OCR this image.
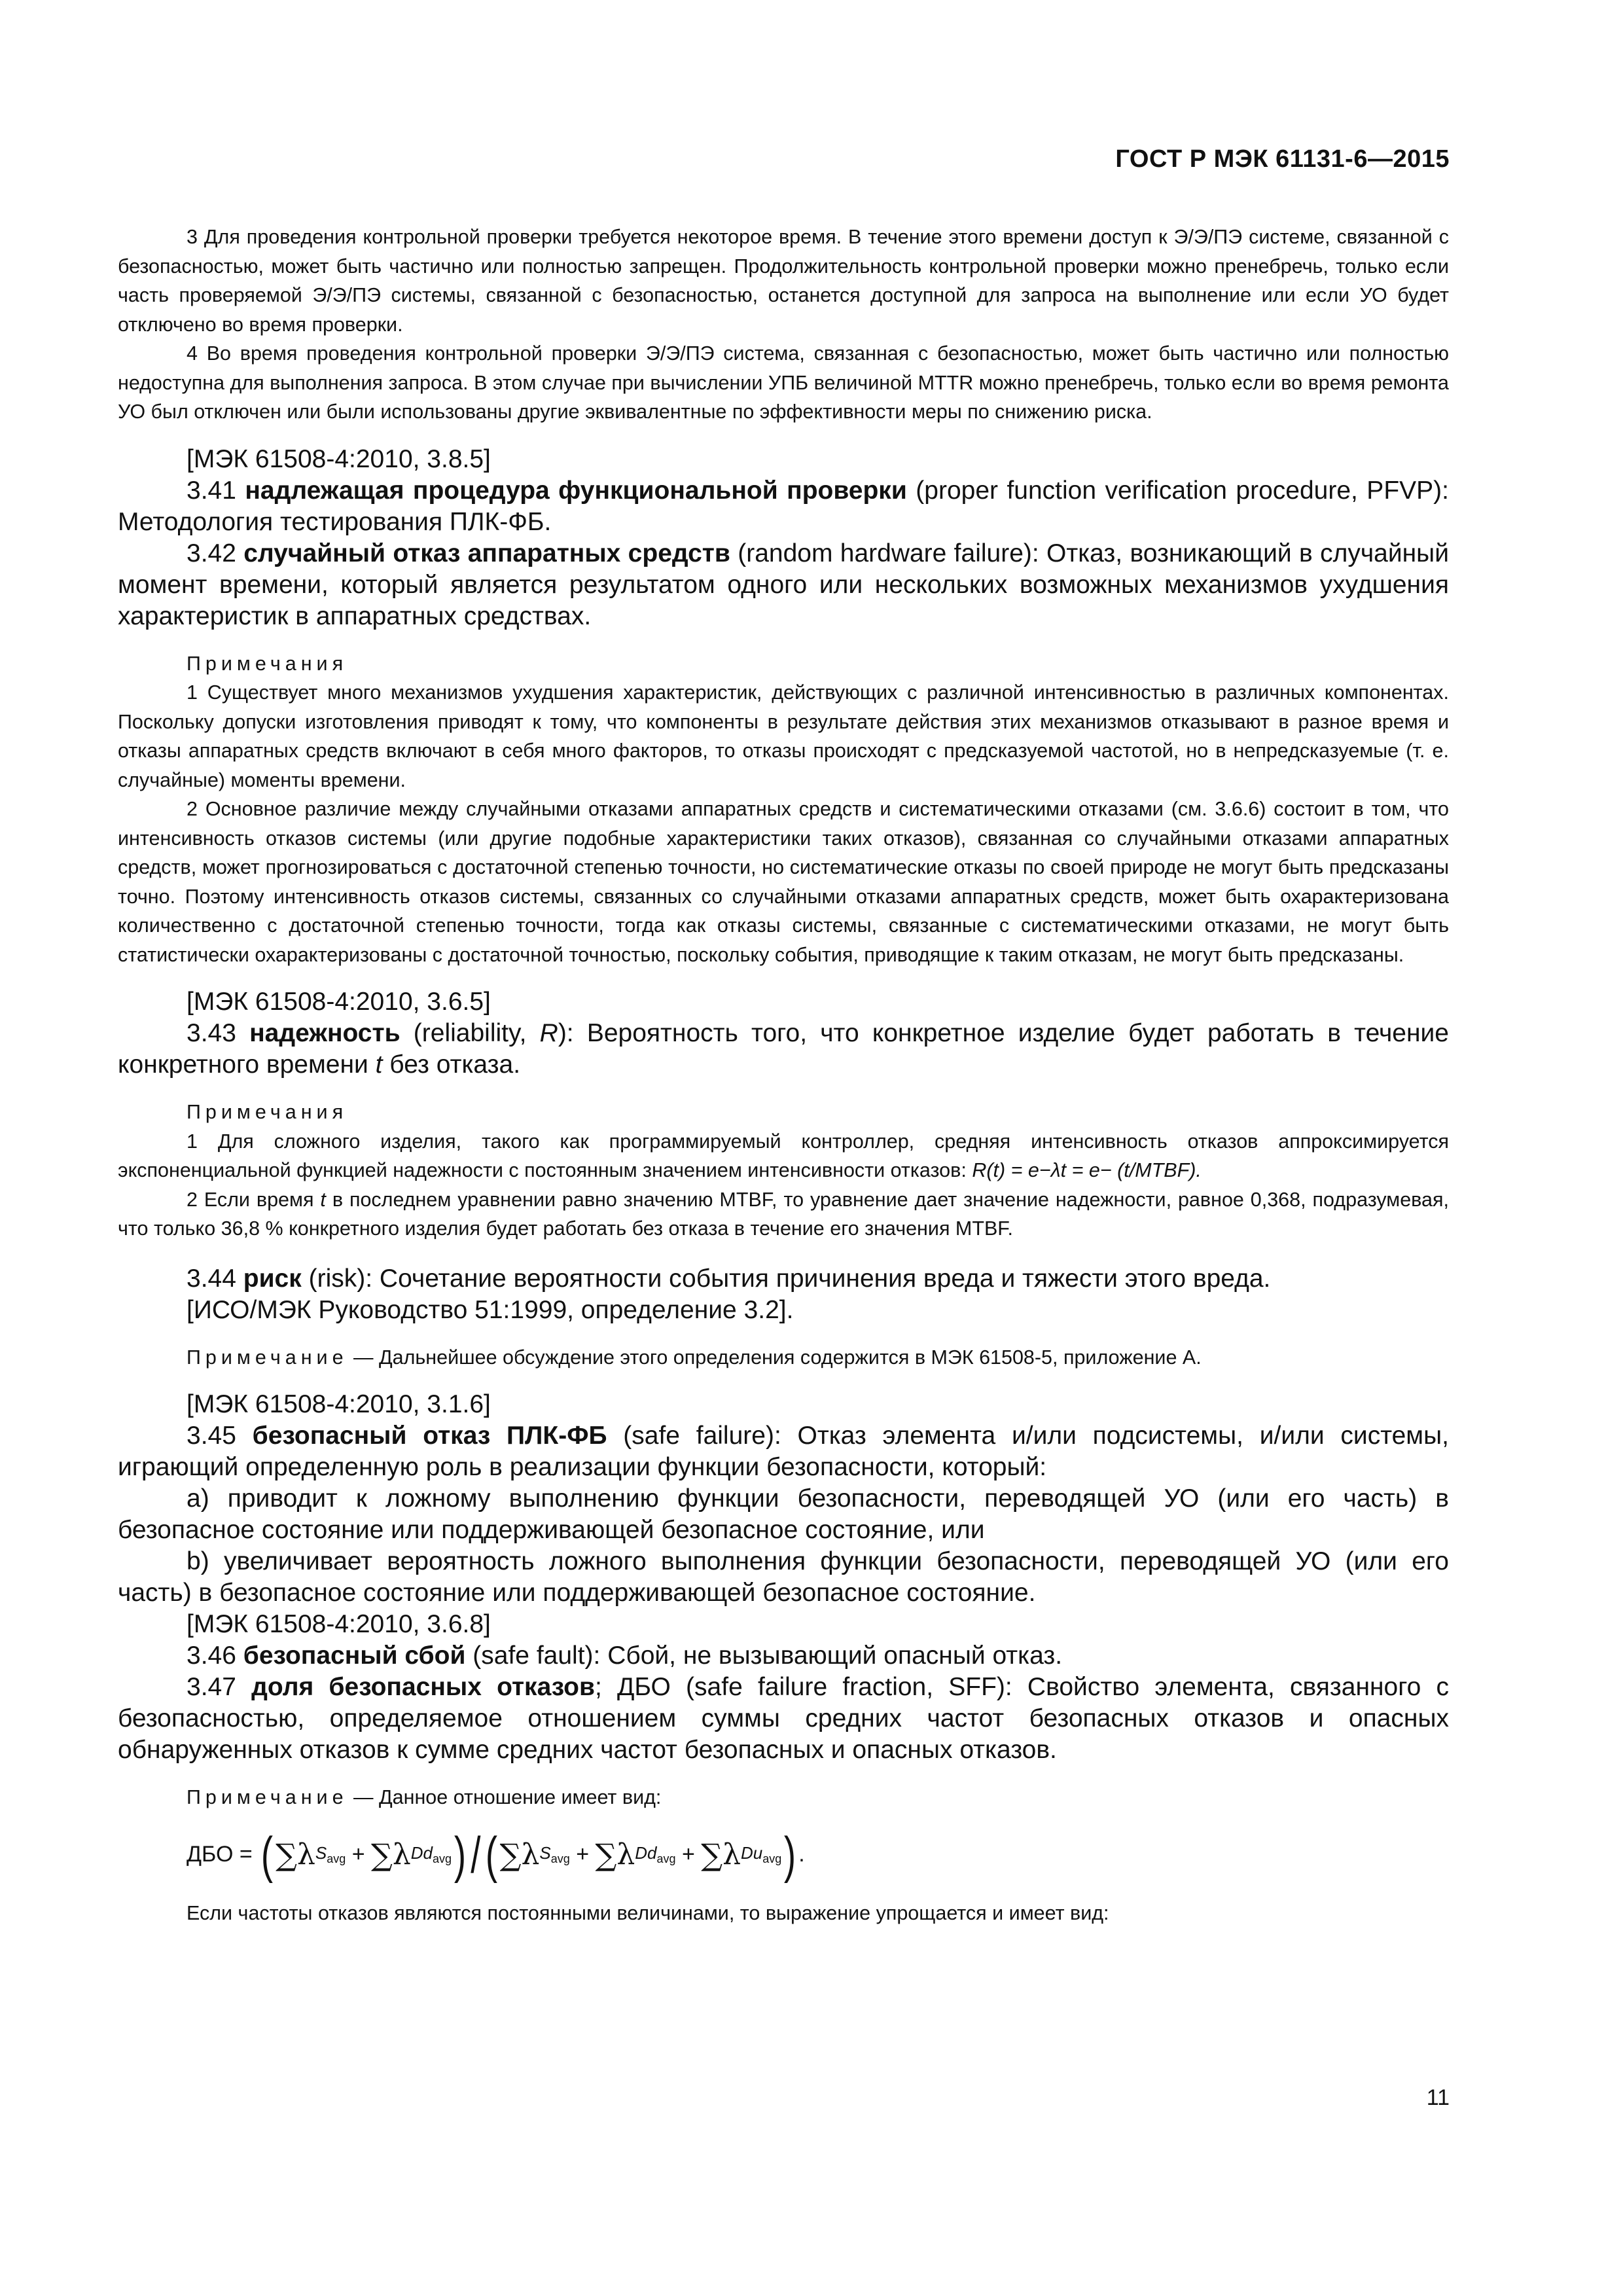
ГОСТ Р МЭК 61131-6—2015

3 Для проведения контрольной проверки требуется некоторое время. В течение этого времени доступ к Э/Э/ПЭ системе, связанной с безопасностью, может быть частично или полностью запрещен. Продолжительность контрольной проверки можно пренебречь, только если часть проверяемой Э/Э/ПЭ системы, связанной с безопасностью, останется доступной для запроса на выполнение или если УО будет отключено во время проверки.

4 Во время проведения контрольной проверки Э/Э/ПЭ система, связанная с безопасностью, может быть частично или полностью недоступна для выполнения запроса. В этом случае при вычислении УПБ величиной MTTR можно пренебречь, только если во время ремонта УО был отключен или были использованы другие эквивалентные по эффективности меры по снижению риска.

[МЭК 61508-4:2010, 3.8.5]

3.41 надлежащая процедура функциональной проверки (proper function verification procedure, PFVP): Методология тестирования ПЛК-ФБ.

3.42 случайный отказ аппаратных средств (random hardware failure): Отказ, возникающий в случайный момент времени, который является результатом одного или нескольких возможных механизмов ухудшения характеристик в аппаратных средствах.

Примечания

1 Существует много механизмов ухудшения характеристик, действующих с различной интенсивностью в различных компонентах. Поскольку допуски изготовления приводят к тому, что компоненты в результате действия этих механизмов отказывают в разное время и отказы аппаратных средств включают в себя много факторов, то отказы происходят с предсказуемой частотой, но в непредсказуемые (т. е. случайные) моменты времени.

2 Основное различие между случайными отказами аппаратных средств и систематическими отказами (см. 3.6.6) состоит в том, что интенсивность отказов системы (или другие подобные характеристики таких отказов), связанная со случайными отказами аппаратных средств, может прогнозироваться с достаточной степенью точности, но систематические отказы по своей природе не могут быть предсказаны точно. Поэтому интенсивность отказов системы, связанных со случайными отказами аппаратных средств, может быть охарактеризована количественно с достаточной степенью точности, тогда как отказы системы, связанные с систематическими отказами, не могут быть статистически охарактеризованы с достаточной точностью, поскольку события, приводящие к таким отказам, не могут быть предсказаны.

[МЭК 61508-4:2010, 3.6.5]

3.43 надежность (reliability, R): Вероятность того, что конкретное изделие будет работать в течение конкретного времени t без отказа.

Примечания

1 Для сложного изделия, такого как программируемый контроллер, средняя интенсивность отказов аппроксимируется экспоненциальной функцией надежности с постоянным значением интенсивности отказов: R(t) = e−λt = e− (t/MTBF).

2 Если время t в последнем уравнении равно значению MTBF, то уравнение дает значение надежности, равное 0,368, подразумевая, что только 36,8 % конкретного изделия будет работать без отказа в течение его значения MTBF.

3.44 риск (risk): Сочетание вероятности события причинения вреда и тяжести этого вреда.

[ИСО/МЭК Руководство 51:1999, определение 3.2].

Примечание — Дальнейшее обсуждение этого определения содержится в МЭК 61508-5, приложение А.

[МЭК 61508-4:2010, 3.1.6]

3.45 безопасный отказ ПЛК-ФБ (safe failure): Отказ элемента и/или подсистемы, и/или системы, играющий определенную роль в реализации функции безопасности, который:

а) приводит к ложному выполнению функции безопасности, переводящей УО (или его часть) в безопасное состояние или поддерживающей безопасное состояние, или

b) увеличивает вероятность ложного выполнения функции безопасности, переводящей УО (или его часть) в безопасное состояние или поддерживающей безопасное состояние.

[МЭК 61508-4:2010, 3.6.8]

3.46 безопасный сбой (safe fault): Сбой, не вызывающий опасный отказ.

3.47 доля безопасных отказов; ДБО (safe failure fraction, SFF): Свойство элемента, связанного с безопасностью, определяемое отношением суммы средних частот безопасных отказов и опасных обнаруженных отказов к сумме средних частот безопасных и опасных отказов.

Примечание — Данное отношение имеет вид:

ДБО =
( ∑ λ $S_{avg}$ + ∑ λ $Dd_{avg}$ ) / ( ∑ λ $S_{avg}$ + ∑ λ $Dd_{avg}$ + ∑ λ $Du_{avg}$ ) .

Если частоты отказов являются постоянными величинами, то выражение упрощается и имеет вид:

11
